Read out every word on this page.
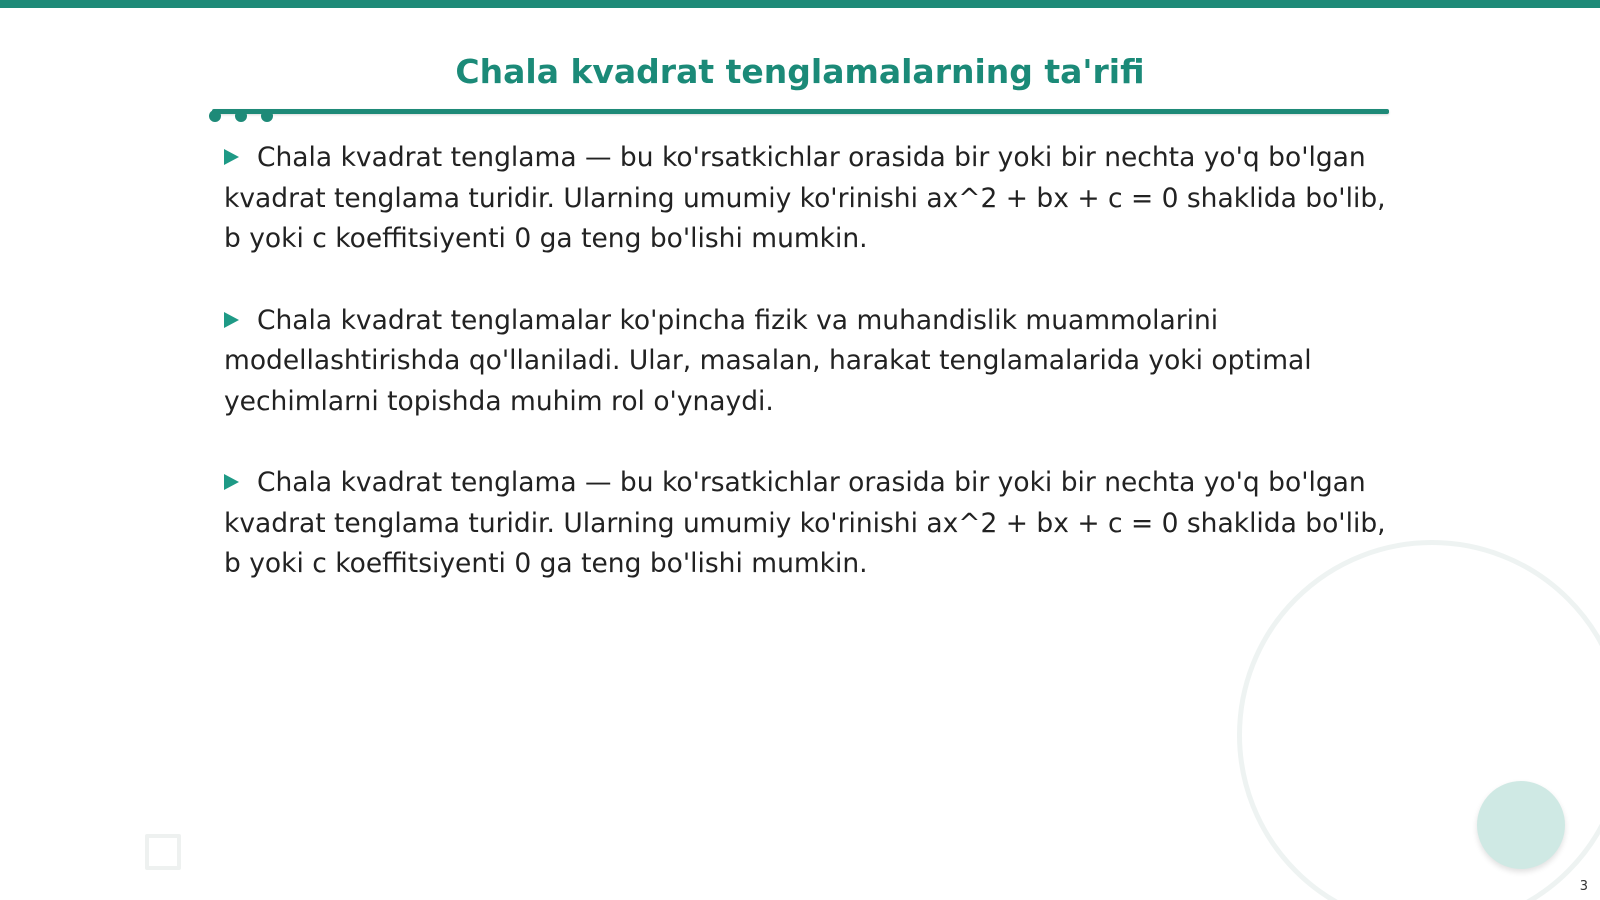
Chala kvadrat tenglamalarning ta'rifi
Chala kvadrat tenglama — bu ko'rsatkichlar orasida bir yoki bir nechta yo'q bo'lgan kvadrat tenglama turidir. Ularning umumiy ko'rinishi ax^2 + bx + c = 0 shaklida bo'lib, b yoki c koeffitsiyenti 0 ga teng bo'lishi mumkin.
Chala kvadrat tenglamalar ko'pincha fizik va muhandislik muammolarini modellashtirishda qo'llaniladi. Ular, masalan, harakat tenglamalarida yoki optimal yechimlarni topishda muhim rol o'ynaydi.
Chala kvadrat tenglama — bu ko'rsatkichlar orasida bir yoki bir nechta yo'q bo'lgan kvadrat tenglama turidir. Ularning umumiy ko'rinishi ax^2 + bx + c = 0 shaklida bo'lib, b yoki c koeffitsiyenti 0 ga teng bo'lishi mumkin.
3
